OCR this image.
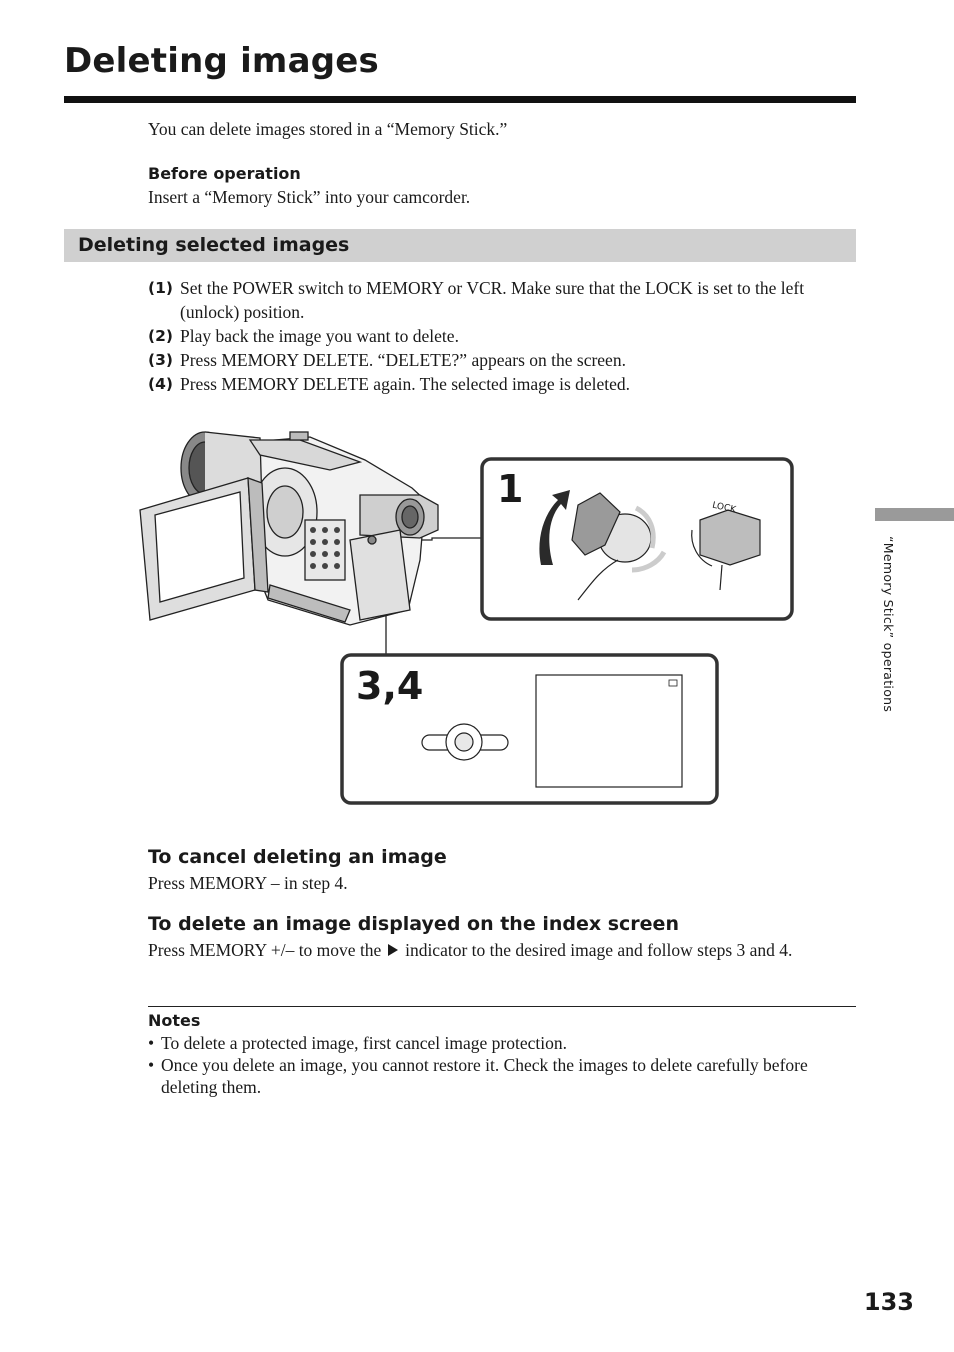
Deleting images

You can delete images stored in a “Memory Stick.”

Before operation

Insert a “Memory Stick” into your camcorder.

Deleting selected images
(1) Set the POWER switch to MEMORY or VCR. Make sure that the LOCK is set to the left (unlock) position.
(2) Play back the image you want to delete.
(3) Press MEMORY DELETE. “DELETE?” appears on the screen.
(4) Press MEMORY DELETE again. The selected image is deleted.
1
3,4
LOCK

To cancel deleting an image

Press MEMORY – in step 4.

To delete an image displayed on the index screen

Press MEMORY +/– to move the indicator to the desired image and follow steps 3 and 4.

Notes

• To delete a protected image, first cancel image protection.
• Once you delete an image, you cannot restore it. Check the images to delete carefully before deleting them.
“Memory Stick” operations
133
